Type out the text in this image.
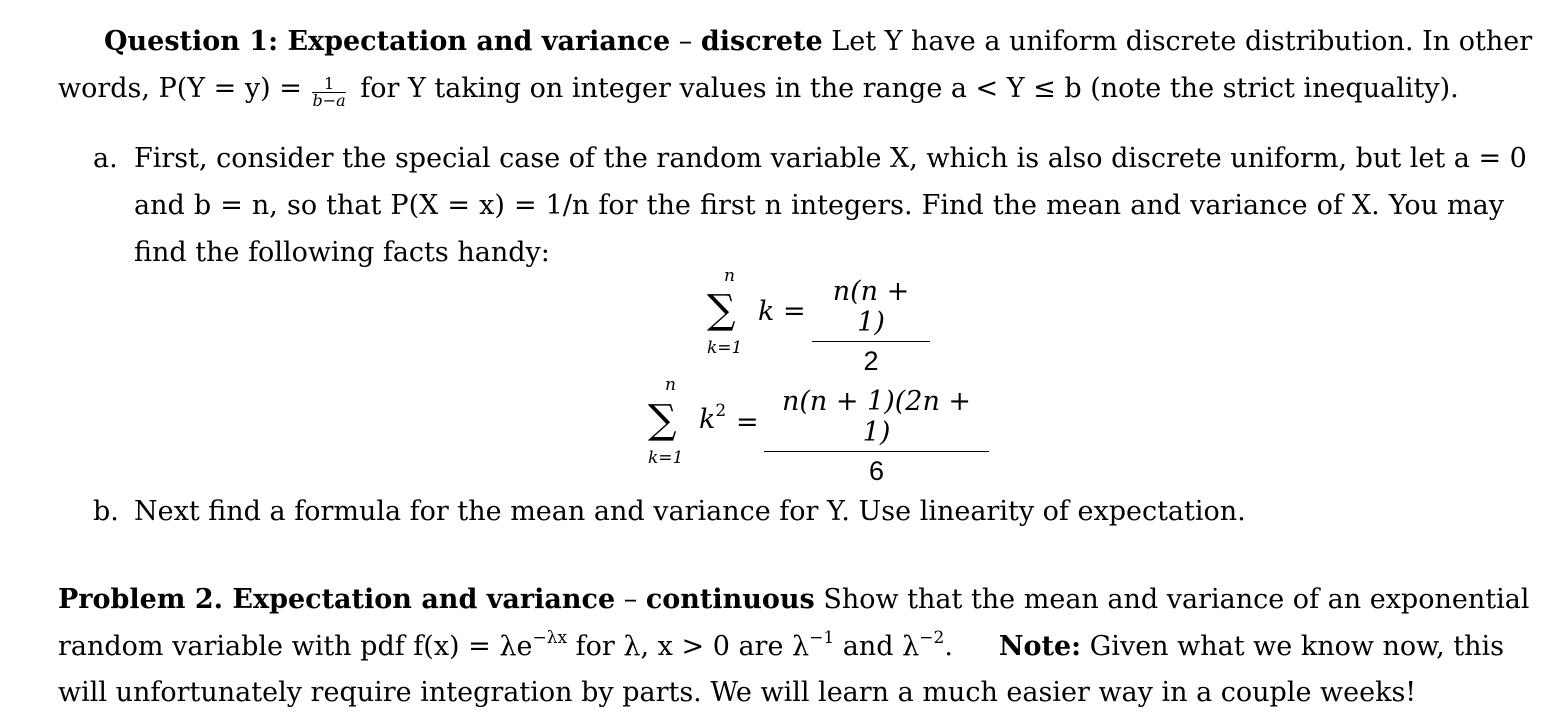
Question 1: Expectation and variance – discrete Let Y have a uniform discrete distribution. In other
words, $P(Y = y) = \frac{1}{b-a}$ for Y taking on integer values in the range a < Y ≤ b (note the strict inequality).
a. First, consider the special case of the random variable X, which is also discrete uniform, but let a = 0
and b = n, so that P(X = x) = 1/n for the first n integers. Find the mean and variance of X. You may
find the following facts handy:
n
∑
k=1
$k = \frac{n(n + 1)}{2}$
n
∑
k=1
$k^2 = \frac{n(n + 1)(2n + 1)}{6}$
b. Next find a formula for the mean and variance for Y. Use linearity of expectation.
Problem 2. Expectation and variance – continuous Show that the mean and variance of an exponential
random variable with pdf $f(x) = \lambda e^{-\lambda x}$ for λ, x > 0 are $\lambda^{-1}$ and $\lambda^{-2}$. Note: Given what we know now, this
will unfortunately require integration by parts. We will learn a much easier way in a couple weeks!
